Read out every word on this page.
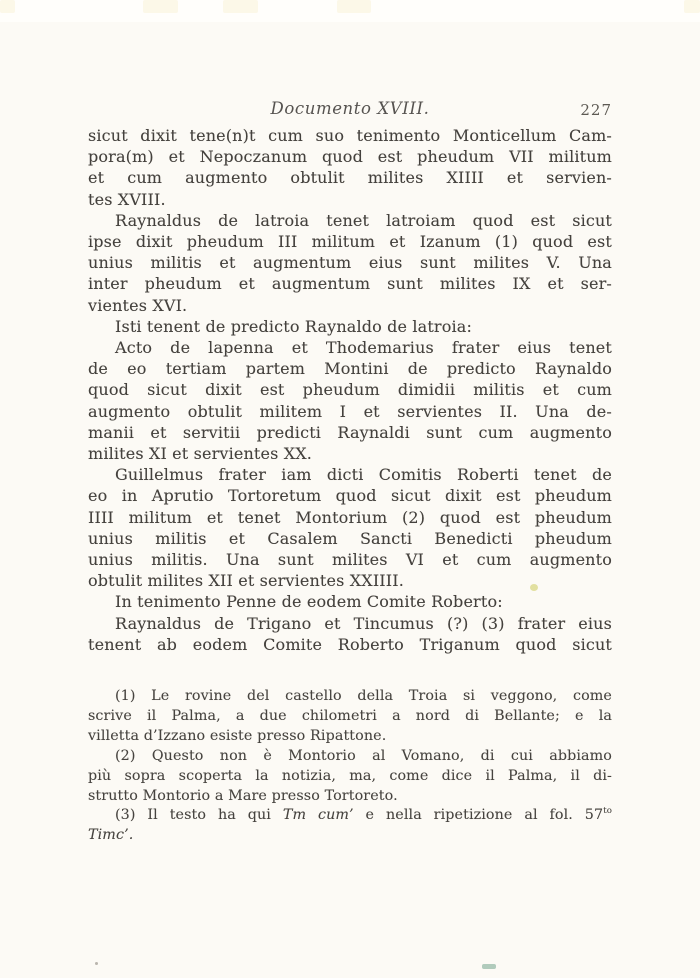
Documento XVIII.	227
sicut dixit tene(n)t cum suo tenimento Monticellum Cam-
pora(m) et Nepoczanum quod est pheudum VII militum
et cum augmento obtulit milites XIIII et servien-
tes XVIII.
Raynaldus de latroia tenet latroiam quod est sicut
ipse dixit pheudum III militum et Izanum (1) quod est
unius militis et augmentum eius sunt milites V. Una
inter pheudum et augmentum sunt milites IX et ser-
vientes XVI.
Isti tenent de predicto Raynaldo de latroia:
Acto de lapenna et Thodemarius frater eius tenet
de eo tertiam partem Montini de predicto Raynaldo
quod sicut dixit est pheudum dimidii militis et cum
augmento obtulit militem I et servientes II. Una de-
manii et servitii predicti Raynaldi sunt cum augmento
milites XI et servientes XX.
Guillelmus frater iam dicti Comitis Roberti tenet de
eo in Aprutio Tortoretum quod sicut dixit est pheudum
IIII militum et tenet Montorium (2) quod est pheudum
unius militis et Casalem Sancti Benedicti pheudum
unius militis. Una sunt milites VI et cum augmento
obtulit milites XII et servientes XXIIII.
In tenimento Penne de eodem Comite Roberto:
Raynaldus de Trigano et Tincumus (?) (3) frater eius
tenent ab eodem Comite Roberto Triganum quod sicut
(1) Le rovine del castello della Troia si veggono, come
scrive il Palma, a due chilometri a nord di Bellante; e la
villetta d’Izzano esiste presso Ripattone.
(2) Questo non è Montorio al Vomano, di cui abbiamo
più sopra scoperta la notizia, ma, come dice il Palma, il di-
strutto Montorio a Mare presso Tortoreto.
(3) Il testo ha qui Tm cum’ e nella ripetizione al fol. $57^{to}$
Timc’.
